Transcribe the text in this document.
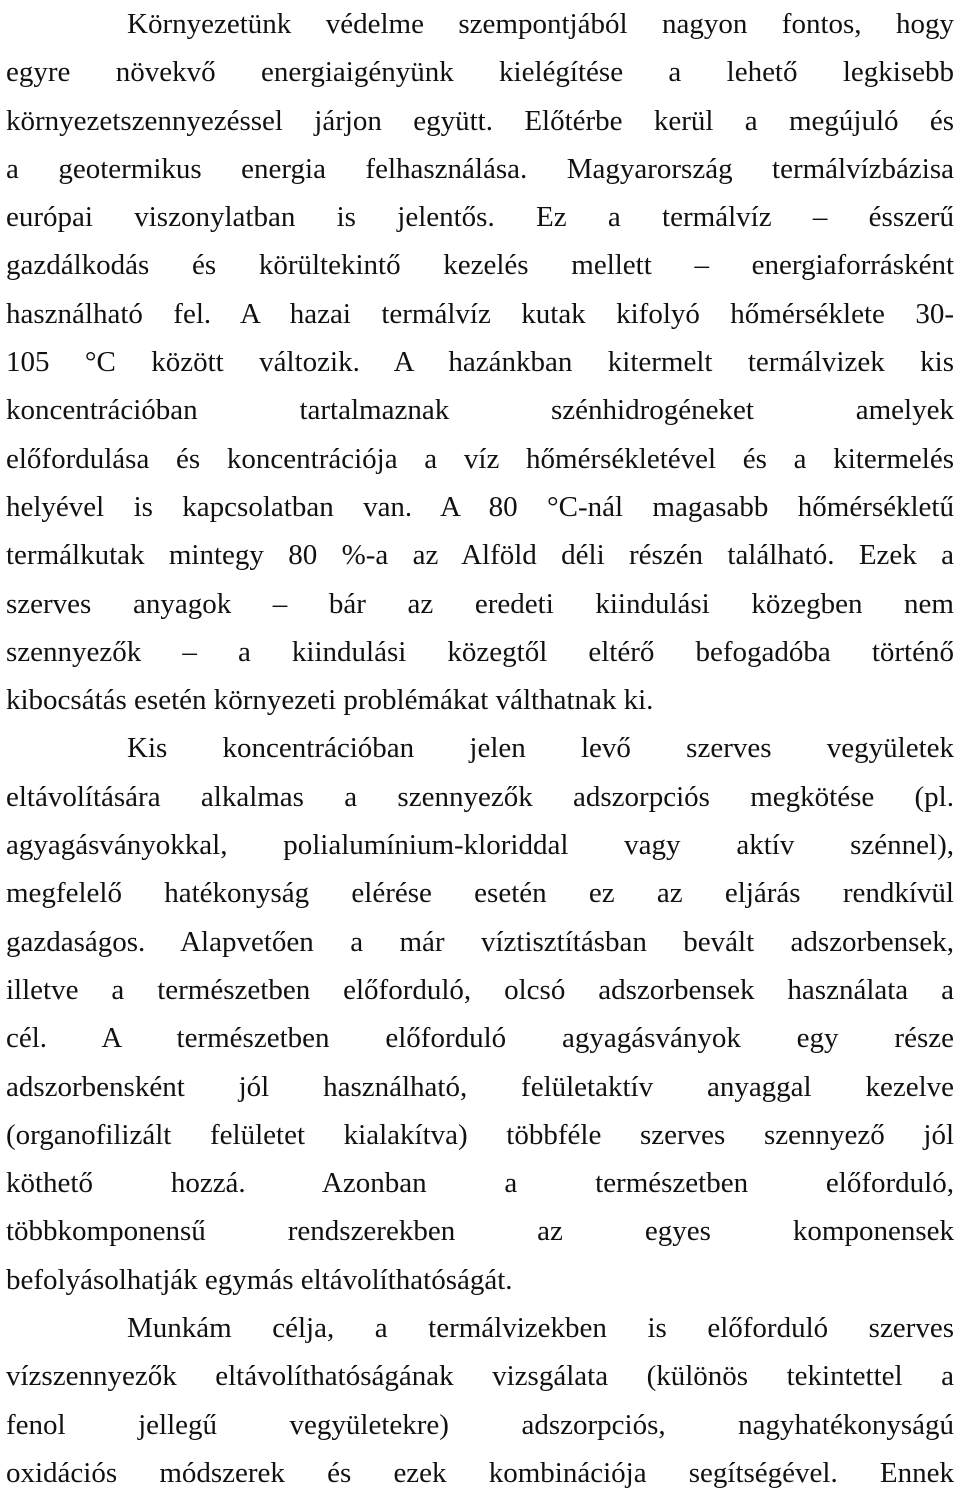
Környezetünk védelme szempontjából nagyon fontos, hogy
egyre növekvő energiaigényünk kielégítése a lehető legkisebb
környezetszennyezéssel járjon együtt. Előtérbe kerül a megújuló és
a geotermikus energia felhasználása. Magyarország termálvízbázisa
európai viszonylatban is jelentős. Ez a termálvíz – ésszerű
gazdálkodás és körültekintő kezelés mellett – energiaforrásként
használható fel. A hazai termálvíz kutak kifolyó hőmérséklete 30-
105 °C között változik. A hazánkban kitermelt termálvizek kis
koncentrációban tartalmaznak szénhidrogéneket amelyek
előfordulása és koncentrációja a víz hőmérsékletével és a kitermelés
helyével is kapcsolatban van. A 80 °C-nál magasabb hőmérsékletű
termálkutak mintegy 80 %-a az Alföld déli részén található. Ezek a
szerves anyagok – bár az eredeti kiindulási közegben nem
szennyezők – a kiindulási közegtől eltérő befogadóba történő
kibocsátás esetén környezeti problémákat válthatnak ki.
Kis koncentrációban jelen levő szerves vegyületek
eltávolítására alkalmas a szennyezők adszorpciós megkötése (pl.
agyagásványokkal, polialumínium-kloriddal vagy aktív szénnel),
megfelelő hatékonyság elérése esetén ez az eljárás rendkívül
gazdaságos. Alapvetően a már víztisztításban bevált adszorbensek,
illetve a természetben előforduló, olcsó adszorbensek használata a
cél. A természetben előforduló agyagásványok egy része
adszorbensként jól használható, felületaktív anyaggal kezelve
(organofilizált felületet kialakítva) többféle szerves szennyező jól
köthető hozzá. Azonban a természetben előforduló,
többkomponensű rendszerekben az egyes komponensek
befolyásolhatják egymás eltávolíthatóságát.
Munkám célja, a termálvizekben is előforduló szerves
vízszennyezők eltávolíthatóságának vizsgálata (különös tekintettel a
fenol jellegű vegyületekre) adszorpciós, nagyhatékonyságú
oxidációs módszerek és ezek kombinációja segítségével. Ennek
